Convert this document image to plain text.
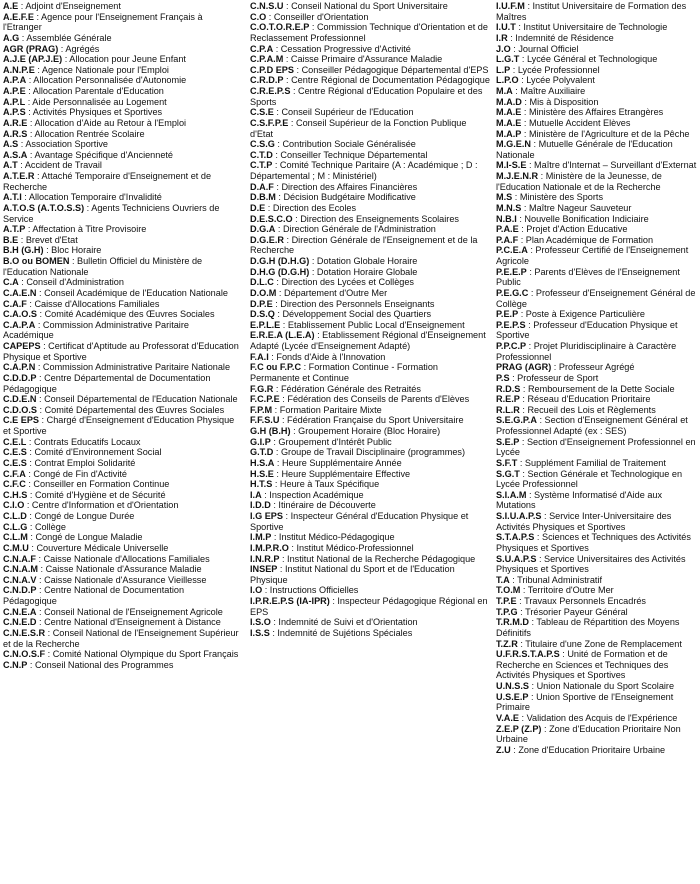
A.E : Adjoint d'Enseignement
A.E.F.E : Agence pour l'Enseignement Français à l'Etranger
A.G : Assemblée Générale
AGR (PRAG) : Agrégés
A.J.E (AP.J.E) : Allocation pour Jeune Enfant
A.N.P.E : Agence Nationale pour l'Emploi
A.P.A : Allocation Personnalisée d'Autonomie
A.P.E : Allocation Parentale d'Education
A.P.L : Aide Personnalisée au Logement
A.P.S : Activités Physiques et Sportives
A.R.E : Allocation d'Aide au Retour à l'Emploi
A.R.S : Allocation Rentrée Scolaire
A.S : Association Sportive
A.S.A : Avantage Spécifique d'Ancienneté
A.T : Accident de Travail
A.T.E.R : Attaché Temporaire d'Enseignement et de Recherche
A.T.I : Allocation Temporaire d'Invalidité
A.T.O.S (A.T.O.S.S) : Agents Techniciens Ouvriers de Service
A.T.P : Affectation à Titre Provisoire
B.E : Brevet d'Etat
B.H (G.H) : Bloc Horaire
B.O ou BOMEN : Bulletin Officiel du Ministère de l'Education Nationale
C.A : Conseil d'Administration
C.A.E.N : Conseil Académique de l'Education Nationale
C.A.F : Caisse d'Allocations Familiales
C.A.O.S : Comité Académique des Œuvres Sociales
C.A.P.A : Commission Administrative Paritaire Académique
CAPEPS : Certificat d'Aptitude au Professorat d'Education Physique et Sportive
C.A.P.N : Commission Administrative Paritaire Nationale
C.D.D.P : Centre Départemental de Documentation Pédagogique
C.D.E.N : Conseil Départemental de l'Education Nationale
C.D.O.S : Comité Départemental des Œuvres Sociales
C.E EPS : Chargé d'Enseignement d'Education Physique et Sportive
C.E.L : Contrats Educatifs Locaux
C.E.S : Comité d'Environnement Social
C.E.S : Contrat Emploi Solidarité
C.F.A : Congé de Fin d'Activité
C.F.C : Conseiller en Formation Continue
C.H.S : Comité d'Hygiène et de Sécurité
C.I.O : Centre d'Information et d'Orientation
C.L.D : Congé de Longue Durée
C.L.G : Collège
C.L.M : Congé de Longue Maladie
C.M.U : Couverture Médicale Universelle
C.N.A.F : Caisse Nationale d'Allocations Familiales
C.N.A.M : Caisse Nationale d'Assurance Maladie
C.N.A.V : Caisse Nationale d'Assurance Vieillesse
C.N.D.P : Centre National de Documentation Pédagogique
C.N.E.A : Conseil National de l'Enseignement Agricole
C.N.E.D : Centre National d'Enseignement à Distance
C.N.E.S.R : Conseil National de l'Enseignement Supérieur et de la Recherche
C.N.O.S.F : Comité National Olympique du Sport Français
C.N.P : Conseil National des Programmes
C.N.S.U : Conseil National du Sport Universitaire
C.O : Conseiller d'Orientation
C.O.T.O.R.E.P : Commission Technique d'Orientation et de Reclassement Professionnel
C.P.A : Cessation Progressive d'Activité
C.P.A.M : Caisse Primaire d'Assurance Maladie
C.P.D EPS : Conseiller Pédagogique Départemental d'EPS
C.R.D.P : Centre Régional de Documentation Pédagogique
C.R.E.P.S : Centre Régional d'Education Populaire et des Sports
C.S.E : Conseil Supérieur de l'Education
C.S.F.P.E : Conseil Supérieur de la Fonction Publique d'Etat
C.S.G : Contribution Sociale Généralisée
C.T.D : Conseiller Technique Départemental
C.T.P : Comité Technique Paritaire (A : Académique ; D : Départemental ; M : Ministériel)
D.A.F : Direction des Affaires Financières
D.B.M : Décision Budgétaire Modificative
D.E : Direction des Ecoles
D.E.S.C.O : Direction des Enseignements Scolaires
D.G.A : Direction Générale de l'Administration
D.G.E.R : Direction Générale de l'Enseignement et de la Recherche
D.G.H (D.H.G) : Dotation Globale Horaire
D.H.G (D.G.H) : Dotation Horaire Globale
D.L.C : Direction des Lycées et Collèges
D.O.M : Département d'Outre Mer
D.P.E : Direction des Personnels Enseignants
D.S.Q : Développement Social des Quartiers
E.P.L.E : Etablissement Public Local d'Enseignement
E.R.E.A (L.E.A) : Etablissement Régional d'Enseignement Adapté (Lycée d'Enseignement Adapté)
F.A.I : Fonds d'Aide à l'Innovation
F.C ou F.P.C : Formation Continue - Formation Permanente et Continue
F.G.R : Fédération Générale des Retraités
F.C.P.E : Fédération des Conseils de Parents d'Elèves
F.P.M : Formation Paritaire Mixte
F.F.S.U : Fédération Française du Sport Universitaire
G.H (B.H) : Groupement Horaire (Bloc Horaire)
G.I.P : Groupement d'Intérêt Public
G.T.D : Groupe de Travail Disciplinaire (programmes)
H.S.A : Heure Supplémentaire Année
H.S.E : Heure Supplémentaire Effective
H.T.S : Heure à Taux Spécifique
I.A : Inspection Académique
I.D.D : Itinéraire de Découverte
I.G EPS : Inspecteur Général d'Education Physique et Sportive
I.M.P : Institut Médico-Pédagogique
I.M.P.R.O : Institut Médico-Professionnel
I.N.R.P : Institut National de la Recherche Pédagogique
INSEP : Institut National du Sport et de l'Education Physique
I.O : Instructions Officielles
I.P.R.E.P.S (IA-IPR) : Inspecteur Pédagogique Régional en EPS
I.S.O : Indemnité de Suivi et d'Orientation
I.S.S : Indemnité de Sujétions Spéciales
I.U.F.M : Institut Universitaire de Formation des Maîtres
I.U.T : Institut Universitaire de Technologie
I.R : Indemnité de Résidence
J.O : Journal Officiel
L.G.T : Lycée Général et Technologique
L.P : Lycée Professionnel
L.P.O : Lycée Polyvalent
M.A : Maître Auxiliaire
M.A.D : Mis à Disposition
M.A.E : Ministère des Affaires Etrangères
M.A.E : Mutuelle Accident Elèves
M.A.P : Ministère de l'Agriculture et de la Pêche
M.G.E.N : Mutuelle Générale de l'Education Nationale
M.I-S.E : Maître d'Internat – Surveillant d'Externat
M.J.E.N.R : Ministère de la Jeunesse, de l'Education Nationale et de la Recherche
M.S : Ministère des Sports
M.N.S : Maître Nageur Sauveteur
N.B.I : Nouvelle Bonification Indiciaire
P.A.E : Projet d'Action Educative
P.A.F : Plan Académique de Formation
P.C.E.A : Professeur Certifié de l'Enseignement Agricole
P.E.E.P : Parents d'Elèves de l'Enseignement Public
P.E.G.C : Professeur d'Enseignement Général de Collège
P.E.P : Poste à Exigence Particulière
P.E.P.S : Professeur d'Education Physique et Sportive
P.P.C.P : Projet Pluridisciplinaire à Caractère Professionnel
PRAG (AGR) : Professeur Agrégé
P.S : Professeur de Sport
R.D.S : Remboursement de la Dette Sociale
R.E.P : Réseau d'Education Prioritaire
R.L.R : Recueil des Lois et Règlements
S.E.G.P.A : Section d'Enseignement Général et Professionnel Adapté (ex : SES)
S.E.P : Section d'Enseignement Professionnel en Lycée
S.F.T : Supplément Familial de Traitement
S.G.T : Section Générale et Technologique en Lycée Professionnel
S.I.A.M : Système Informatisé d'Aide aux Mutations
S.I.U.A.P.S : Service Inter-Universitaire des Activités Physiques et Sportives
S.T.A.P.S : Sciences et Techniques des Activités Physiques et Sportives
S.U.A.P.S : Service Universitaires des Activités Physiques et Sportives
T.A : Tribunal Administratif
T.O.M : Territoire d'Outre Mer
T.P.E : Travaux Personnels Encadrés
T.P.G : Trésorier Payeur Général
T.R.M.D : Tableau de Répartition des Moyens Définitifs
T.Z.R : Titulaire d'une Zone de Remplacement
U.F.R.S.T.A.P.S : Unité de Formation et de Recherche en Sciences et Techniques des Activités Physiques et Sportives
U.N.S.S : Union Nationale du Sport Scolaire
U.S.E.P : Union Sportive de l'Enseignement Primaire
V.A.E : Validation des Acquis de l'Expérience
Z.E.P (Z.P) : Zone d'Education Prioritaire Non Urbaine
Z.U : Zone d'Education Prioritaire Urbaine
